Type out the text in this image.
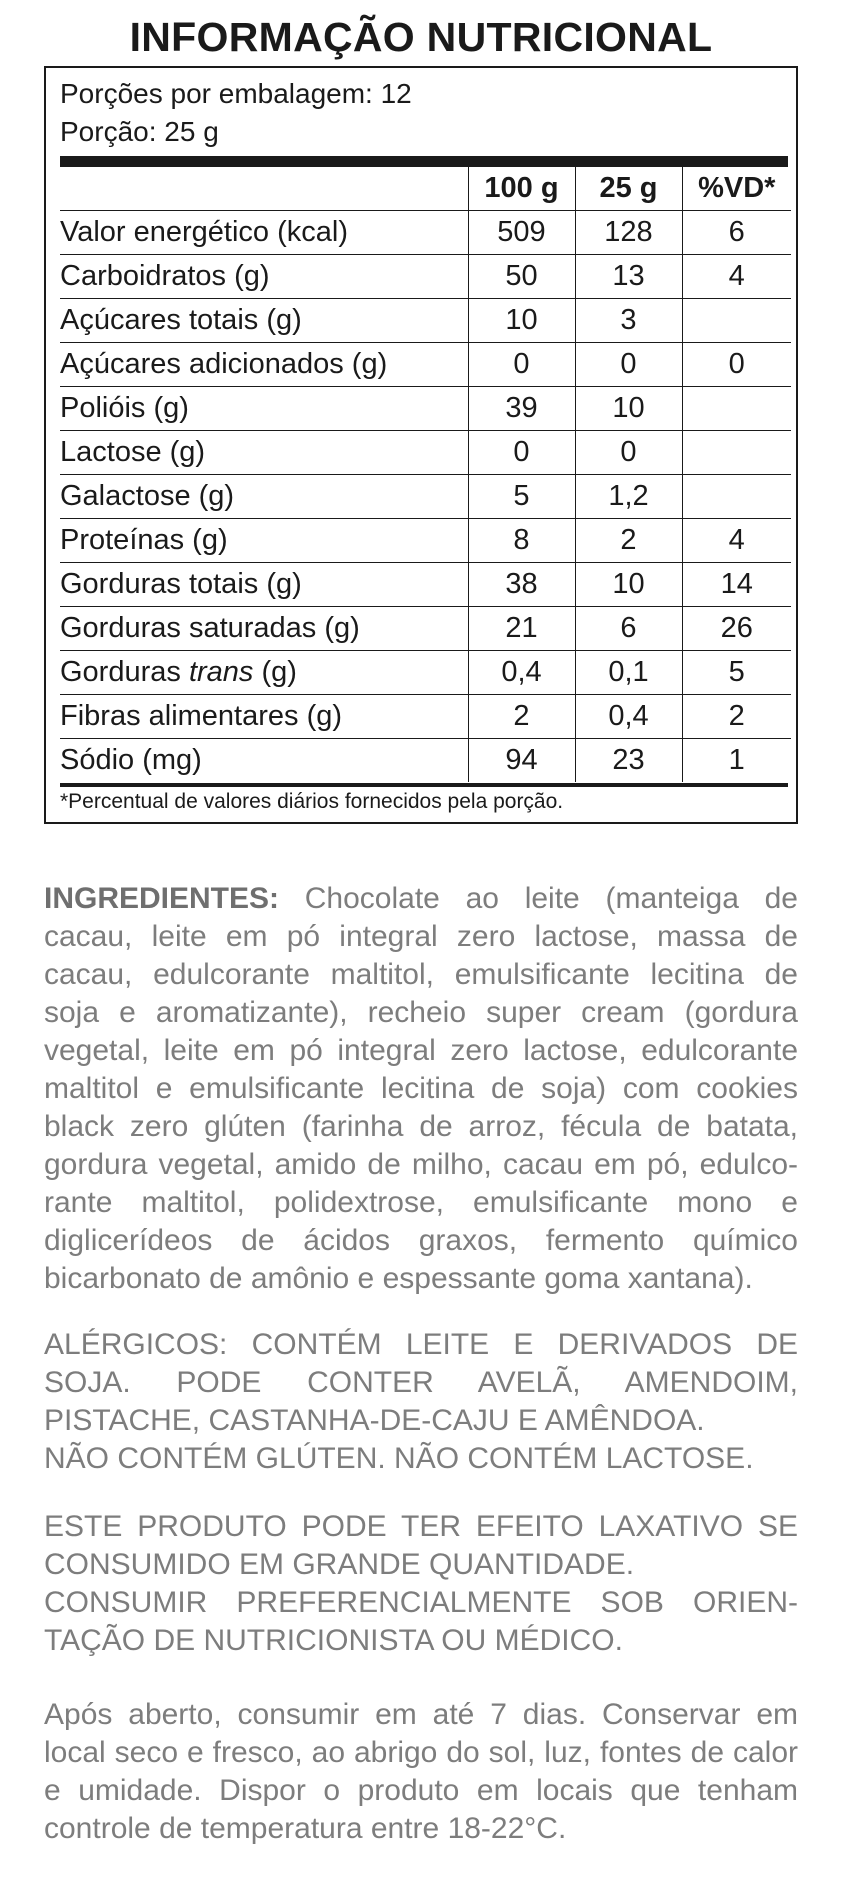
INFORMAÇÃO NUTRICIONAL
Porções por embalagem: 12
Porção: 25 g
	100 g	25 g	%VD*
Valor energético (kcal)	509	128	6
Carboidratos (g)	50	13	4
Açúcares totais (g)	10	3	
Açúcares adicionados (g)	0	0	0
Polióis (g)	39	10	
Lactose (g)	0	0	
Galactose (g)	5	1,2	
Proteínas (g)	8	2	4
Gorduras totais (g)	38	10	14
Gorduras saturadas (g)	21	6	26
Gorduras trans (g)	0,4	0,1	5
Fibras alimentares (g)	2	0,4	2
Sódio (mg)	94	23	1
*Percentual de valores diários fornecidos pela porção.
INGREDIENTES: Chocolate ao leite (manteiga de
cacau, leite em pó integral zero lactose, massa de
cacau, edulcorante maltitol, emulsificante lecitina de
soja e aromatizante), recheio super cream (gordura
vegetal, leite em pó integral zero lactose, edulcorante
maltitol e emulsificante lecitina de soja) com cookies
black zero glúten (farinha de arroz, fécula de batata,
gordura vegetal, amido de milho, cacau em pó, edulco-
rante maltitol, polidextrose, emulsificante mono e
diglicerídeos de ácidos graxos, fermento químico
bicarbonato de amônio e espessante goma xantana).
ALÉRGICOS: CONTÉM LEITE E DERIVADOS DE
SOJA. PODE CONTER AVELÃ, AMENDOIM,
PISTACHE, CASTANHA-DE-CAJU E AMÊNDOA.
NÃO CONTÉM GLÚTEN. NÃO CONTÉM LACTOSE.
ESTE PRODUTO PODE TER EFEITO LAXATIVO SE
CONSUMIDO EM GRANDE QUANTIDADE.
CONSUMIR PREFERENCIALMENTE SOB ORIEN-
TAÇÃO DE NUTRICIONISTA OU MÉDICO.
Após aberto, consumir em até 7 dias. Conservar em
local seco e fresco, ao abrigo do sol, luz, fontes de calor
e umidade. Dispor o produto em locais que tenham
controle de temperatura entre 18-22°C.
